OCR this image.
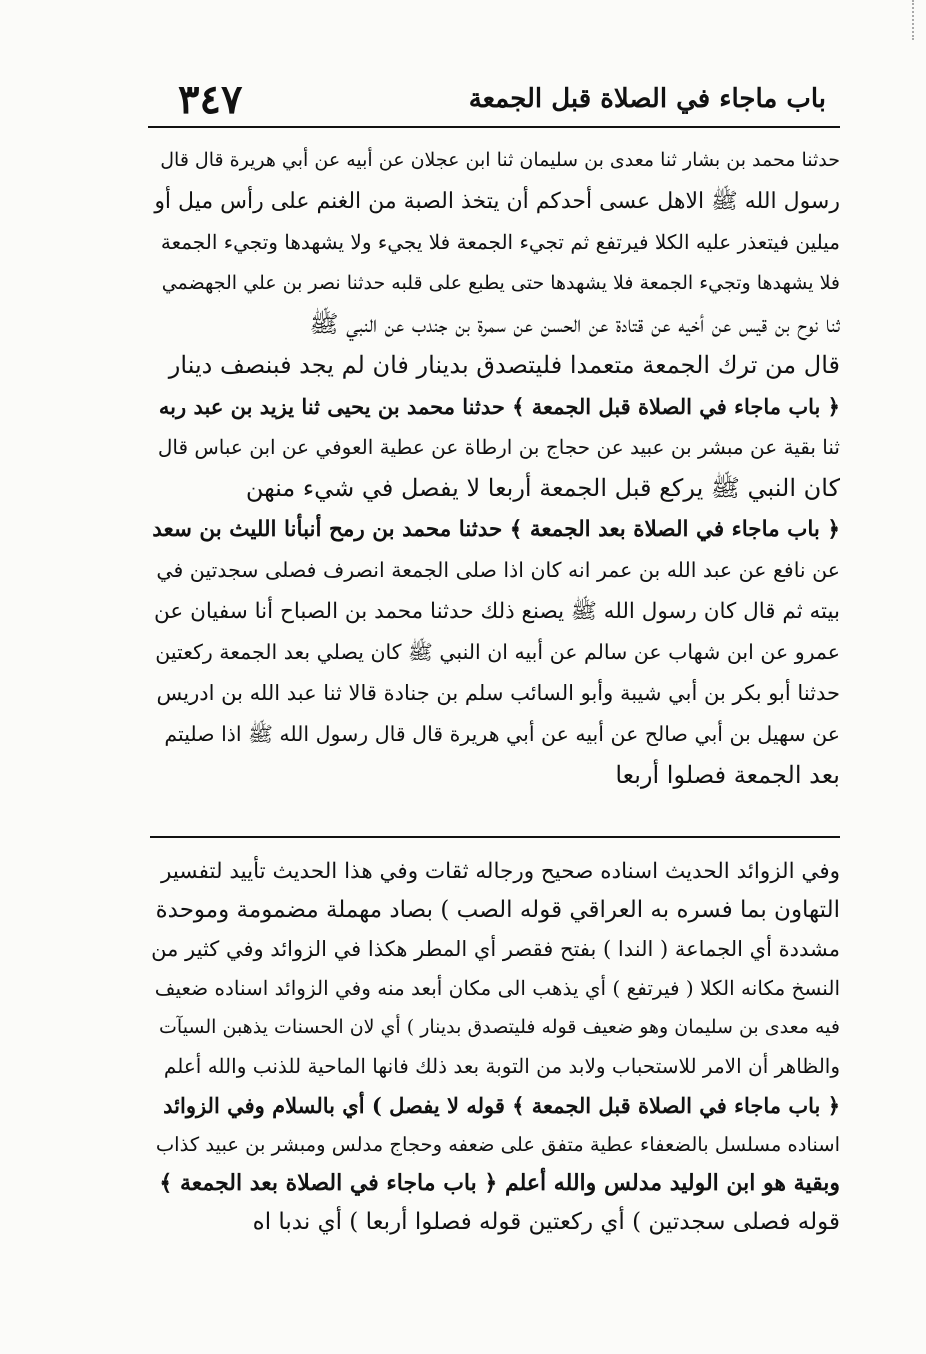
باب ماجاء في الصلاة قبل الجمعة
٣٤٧
حدثنا محمد بن بشار ثنا معدى بن سليمان ثنا ابن عجلان عن أبيه عن أبي هريرة قال قال
رسول الله ﷺ الاهل عسى أحدكم أن يتخذ الصبة من الغنم على رأس ميل أو
ميلين فيتعذر عليه الكلا فيرتفع ثم تجيء الجمعة فلا يجيء ولا يشهدها وتجيء الجمعة
فلا يشهدها وتجيء الجمعة فلا يشهدها حتى يطبع على قلبه حدثنا نصر بن علي الجهضمي
ثنا نوح بن قيس عن أخيه عن قتادة عن الحسن عن سمرة بن جندب عن النبي ﷺ
قال من ترك الجمعة متعمدا فليتصدق بدينار فان لم يجد فبنصف دينار
﴿ باب ماجاء في الصلاة قبل الجمعة ﴾ حدثنا محمد بن يحيى ثنا يزيد بن عبد ربه
ثنا بقية عن مبشر بن عبيد عن حجاج بن ارطاة عن عطية العوفي عن ابن عباس قال
كان النبي ﷺ يركع قبل الجمعة أربعا لا يفصل في شيء منهن
﴿ باب ماجاء في الصلاة بعد الجمعة ﴾ حدثنا محمد بن رمح أنبأنا الليث بن سعد
عن نافع عن عبد الله بن عمر انه كان اذا صلى الجمعة انصرف فصلى سجدتين في
بيته ثم قال كان رسول الله ﷺ يصنع ذلك حدثنا محمد بن الصباح أنا سفيان عن
عمرو عن ابن شهاب عن سالم عن أبيه ان النبي ﷺ كان يصلي بعد الجمعة ركعتين
حدثنا أبو بكر بن أبي شيبة وأبو السائب سلم بن جنادة قالا ثنا عبد الله بن ادريس
عن سهيل بن أبي صالح عن أبيه عن أبي هريرة قال قال رسول الله ﷺ اذا صليتم
بعد الجمعة فصلوا أربعا
وفي الزوائد الحديث اسناده صحيح ورجاله ثقات وفي هذا الحديث تأييد لتفسير
التهاون بما فسره به العراقي قوله الصب ) بصاد مهملة مضمومة وموحدة
مشددة أي الجماعة ( الندا ) بفتح فقصر أي المطر هكذا في الزوائد وفي كثير من
النسخ مكانه الكلا ( فيرتفع ) أي يذهب الى مكان أبعد منه وفي الزوائد اسناده ضعيف
فيه معدى بن سليمان وهو ضعيف قوله فليتصدق بدينار ) أي لان الحسنات يذهبن السيآت
والظاهر أن الامر للاستحباب ولابد من التوبة بعد ذلك فانها الماحية للذنب والله أعلم
﴿ باب ماجاء في الصلاة قبل الجمعة ﴾ قوله لا يفصل ) أي بالسلام وفي الزوائد
اسناده مسلسل بالضعفاء عطية متفق على ضعفه وحجاج مدلس ومبشر بن عبيد كذاب
وبقية هو ابن الوليد مدلس والله أعلم ﴿ باب ماجاء في الصلاة بعد الجمعة ﴾
قوله فصلى سجدتين ) أي ركعتين قوله فصلوا أربعا ) أي ندبا اه
